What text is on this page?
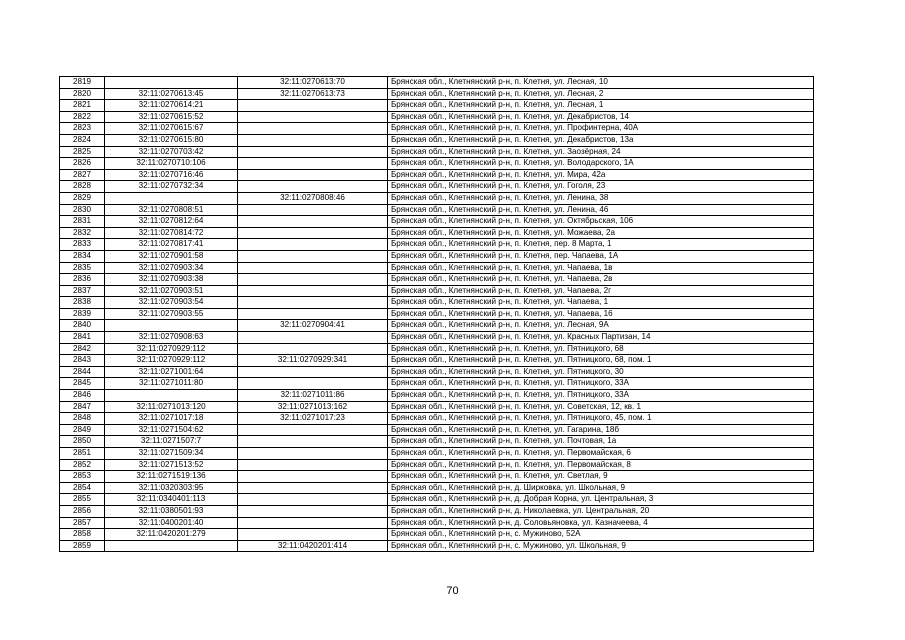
2819		32:11:0270613:70	Брянская обл., Клетнянский р-н, п. Клетня, ул. Лесная, 10
2820	32:11:0270613:45	32:11:0270613:73	Брянская обл., Клетнянский р-н, п. Клетня, ул. Лесная, 2
2821	32:11:0270614:21		Брянская обл., Клетнянский р-н, п. Клетня, ул. Лесная, 1
2822	32:11:0270615:52		Брянская обл., Клетнянский р-н, п. Клетня, ул. Декабристов, 14
2823	32:11:0270615:67		Брянская обл., Клетнянский р-н, п. Клетня, ул. Профинтерна, 40А
2824	32:11:0270615:80		Брянская обл., Клетнянский р-н, п. Клетня, ул. Декабристов, 13а
2825	32:11:0270703:42		Брянская обл., Клетнянский р-н, п. Клетня, ул. Заозёрная, 24
2826	32:11:0270710:106		Брянская обл., Клетнянский р-н, п. Клетня, ул. Володарского, 1А
2827	32:11:0270716:46		Брянская обл., Клетнянский р-н, п. Клетня, ул. Мира, 42а
2828	32:11:0270732:34		Брянская обл., Клетнянский р-н, п. Клетня, ул. Гоголя, 23
2829		32:11:0270808:46	Брянская обл., Клетнянский р-н, п. Клетня, ул. Ленина, 38
2830	32:11:0270808:51		Брянская обл., Клетнянский р-н, п. Клетня, ул. Ленина, 46
2831	32:11:0270812:64		Брянская обл., Клетнянский р-н, п. Клетня, ул. Октябрьская, 106
2832	32:11:0270814:72		Брянская обл., Клетнянский р-н, п. Клетня, ул. Можаева, 2а
2833	32:11:0270817:41		Брянская обл., Клетнянский р-н, п. Клетня, пер. 8 Марта, 1
2834	32:11:0270901:58		Брянская обл., Клетнянский р-н, п. Клетня, пер. Чапаева, 1А
2835	32:11:0270903:34		Брянская обл., Клетнянский р-н, п. Клетня, ул. Чапаева, 1в
2836	32:11:0270903:38		Брянская обл., Клетнянский р-н, п. Клетня, ул. Чапаева, 2в
2837	32:11:0270903:51		Брянская обл., Клетнянский р-н, п. Клетня, ул. Чапаева, 2г
2838	32:11:0270903:54		Брянская обл., Клетнянский р-н, п. Клетня, ул. Чапаева, 1
2839	32:11:0270903:55		Брянская обл., Клетнянский р-н, п. Клетня, ул. Чапаева, 16
2840		32:11:0270904:41	Брянская обл., Клетнянский р-н, п. Клетня, ул. Лесная, 9А
2841	32:11:0270908:63		Брянская обл., Клетнянский р-н, п. Клетня, ул. Красных Партизан, 14
2842	32:11:0270929:112		Брянская обл., Клетнянский р-н, п. Клетня, ул. Пятницкого, 68
2843	32:11:0270929:112	32:11:0270929:341	Брянская обл., Клетнянский р-н, п. Клетня, ул. Пятницкого, 68, пом. 1
2844	32:11:0271001:64		Брянская обл., Клетнянский р-н, п. Клетня, ул. Пятницкого, 30
2845	32:11:0271011:80		Брянская обл., Клетнянский р-н, п. Клетня, ул. Пятницкого, 33А
2846		32:11:0271011:86	Брянская обл., Клетнянский р-н, п. Клетня, ул. Пятницкого, 33А
2847	32:11:0271013:120	32:11:0271013:162	Брянская обл., Клетнянский р-н, п. Клетня, ул. Советская, 12, кв. 1
2848	32:11:0271017:18	32:11:0271017:23	Брянская обл., Клетнянский р-н, п. Клетня, ул. Пятницкого, 45, пом. 1
2849	32:11:0271504:62		Брянская обл., Клетнянский р-н, п. Клетня, ул. Гагарина, 18б
2850	32:11:0271507:7		Брянская обл., Клетнянский р-н, п. Клетня, ул. Почтовая, 1а
2851	32:11:0271509:34		Брянская обл., Клетнянский р-н, п. Клетня, ул. Первомайская, 6
2852	32:11:0271513:52		Брянская обл., Клетнянский р-н, п. Клетня, ул. Первомайская, 8
2853	32:11:0271519:136		Брянская обл., Клетнянский р-н, п. Клетня, ул. Светлая, 9
2854	32:11:0320303:95		Брянская обл., Клетнянский р-н, д. Ширковка, ул. Школьная, 9
2855	32:11:0340401:113		Брянская обл., Клетнянский р-н, д. Добрая Корна, ул. Центральная, 3
2856	32:11:0380501:93		Брянская обл., Клетнянский р-н, д. Николаевка, ул. Центральная, 20
2857	32:11:0400201:40		Брянская обл., Клетнянский р-н, д. Соловьяновка, ул. Казначеева, 4
2858	32:11:0420201:279		Брянская обл., Клетнянский р-н, с. Мужиново, 52А
2859		32:11:0420201:414	Брянская обл., Клетнянский р-н, с. Мужиново, ул. Школьная, 9
70
